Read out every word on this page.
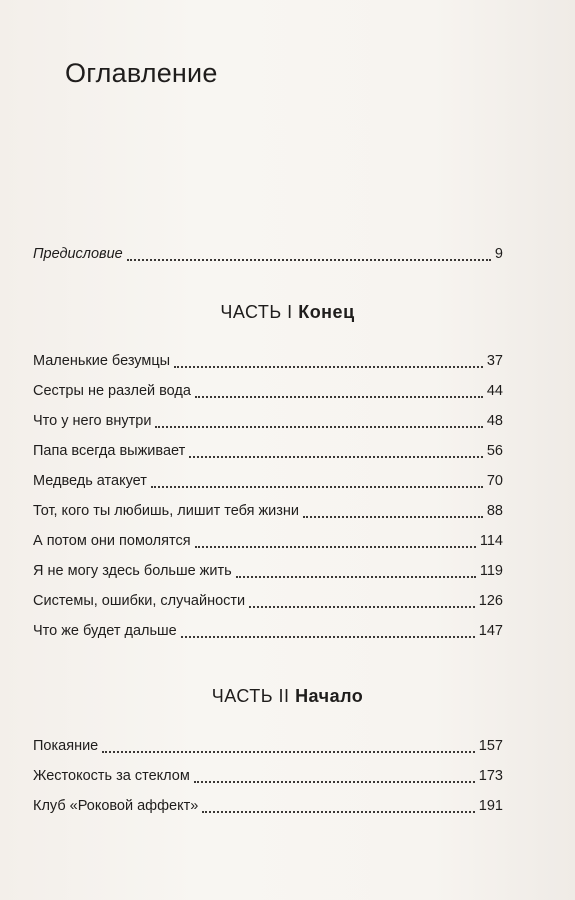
Оглавление
Предисловие	9
ЧАСТЬ I Конец
Маленькие безумцы	37
Сестры не разлей вода	44
Что у него внутри	48
Папа всегда выживает	56
Медведь атакует	70
Тот, кого ты любишь, лишит тебя жизни	88
А потом они помолятся	114
Я не могу здесь больше жить	119
Системы, ошибки, случайности	126
Что же будет дальше	147
ЧАСТЬ II Начало
Покаяние	157
Жестокость за стеклом	173
Клуб «Роковой аффект»	191
